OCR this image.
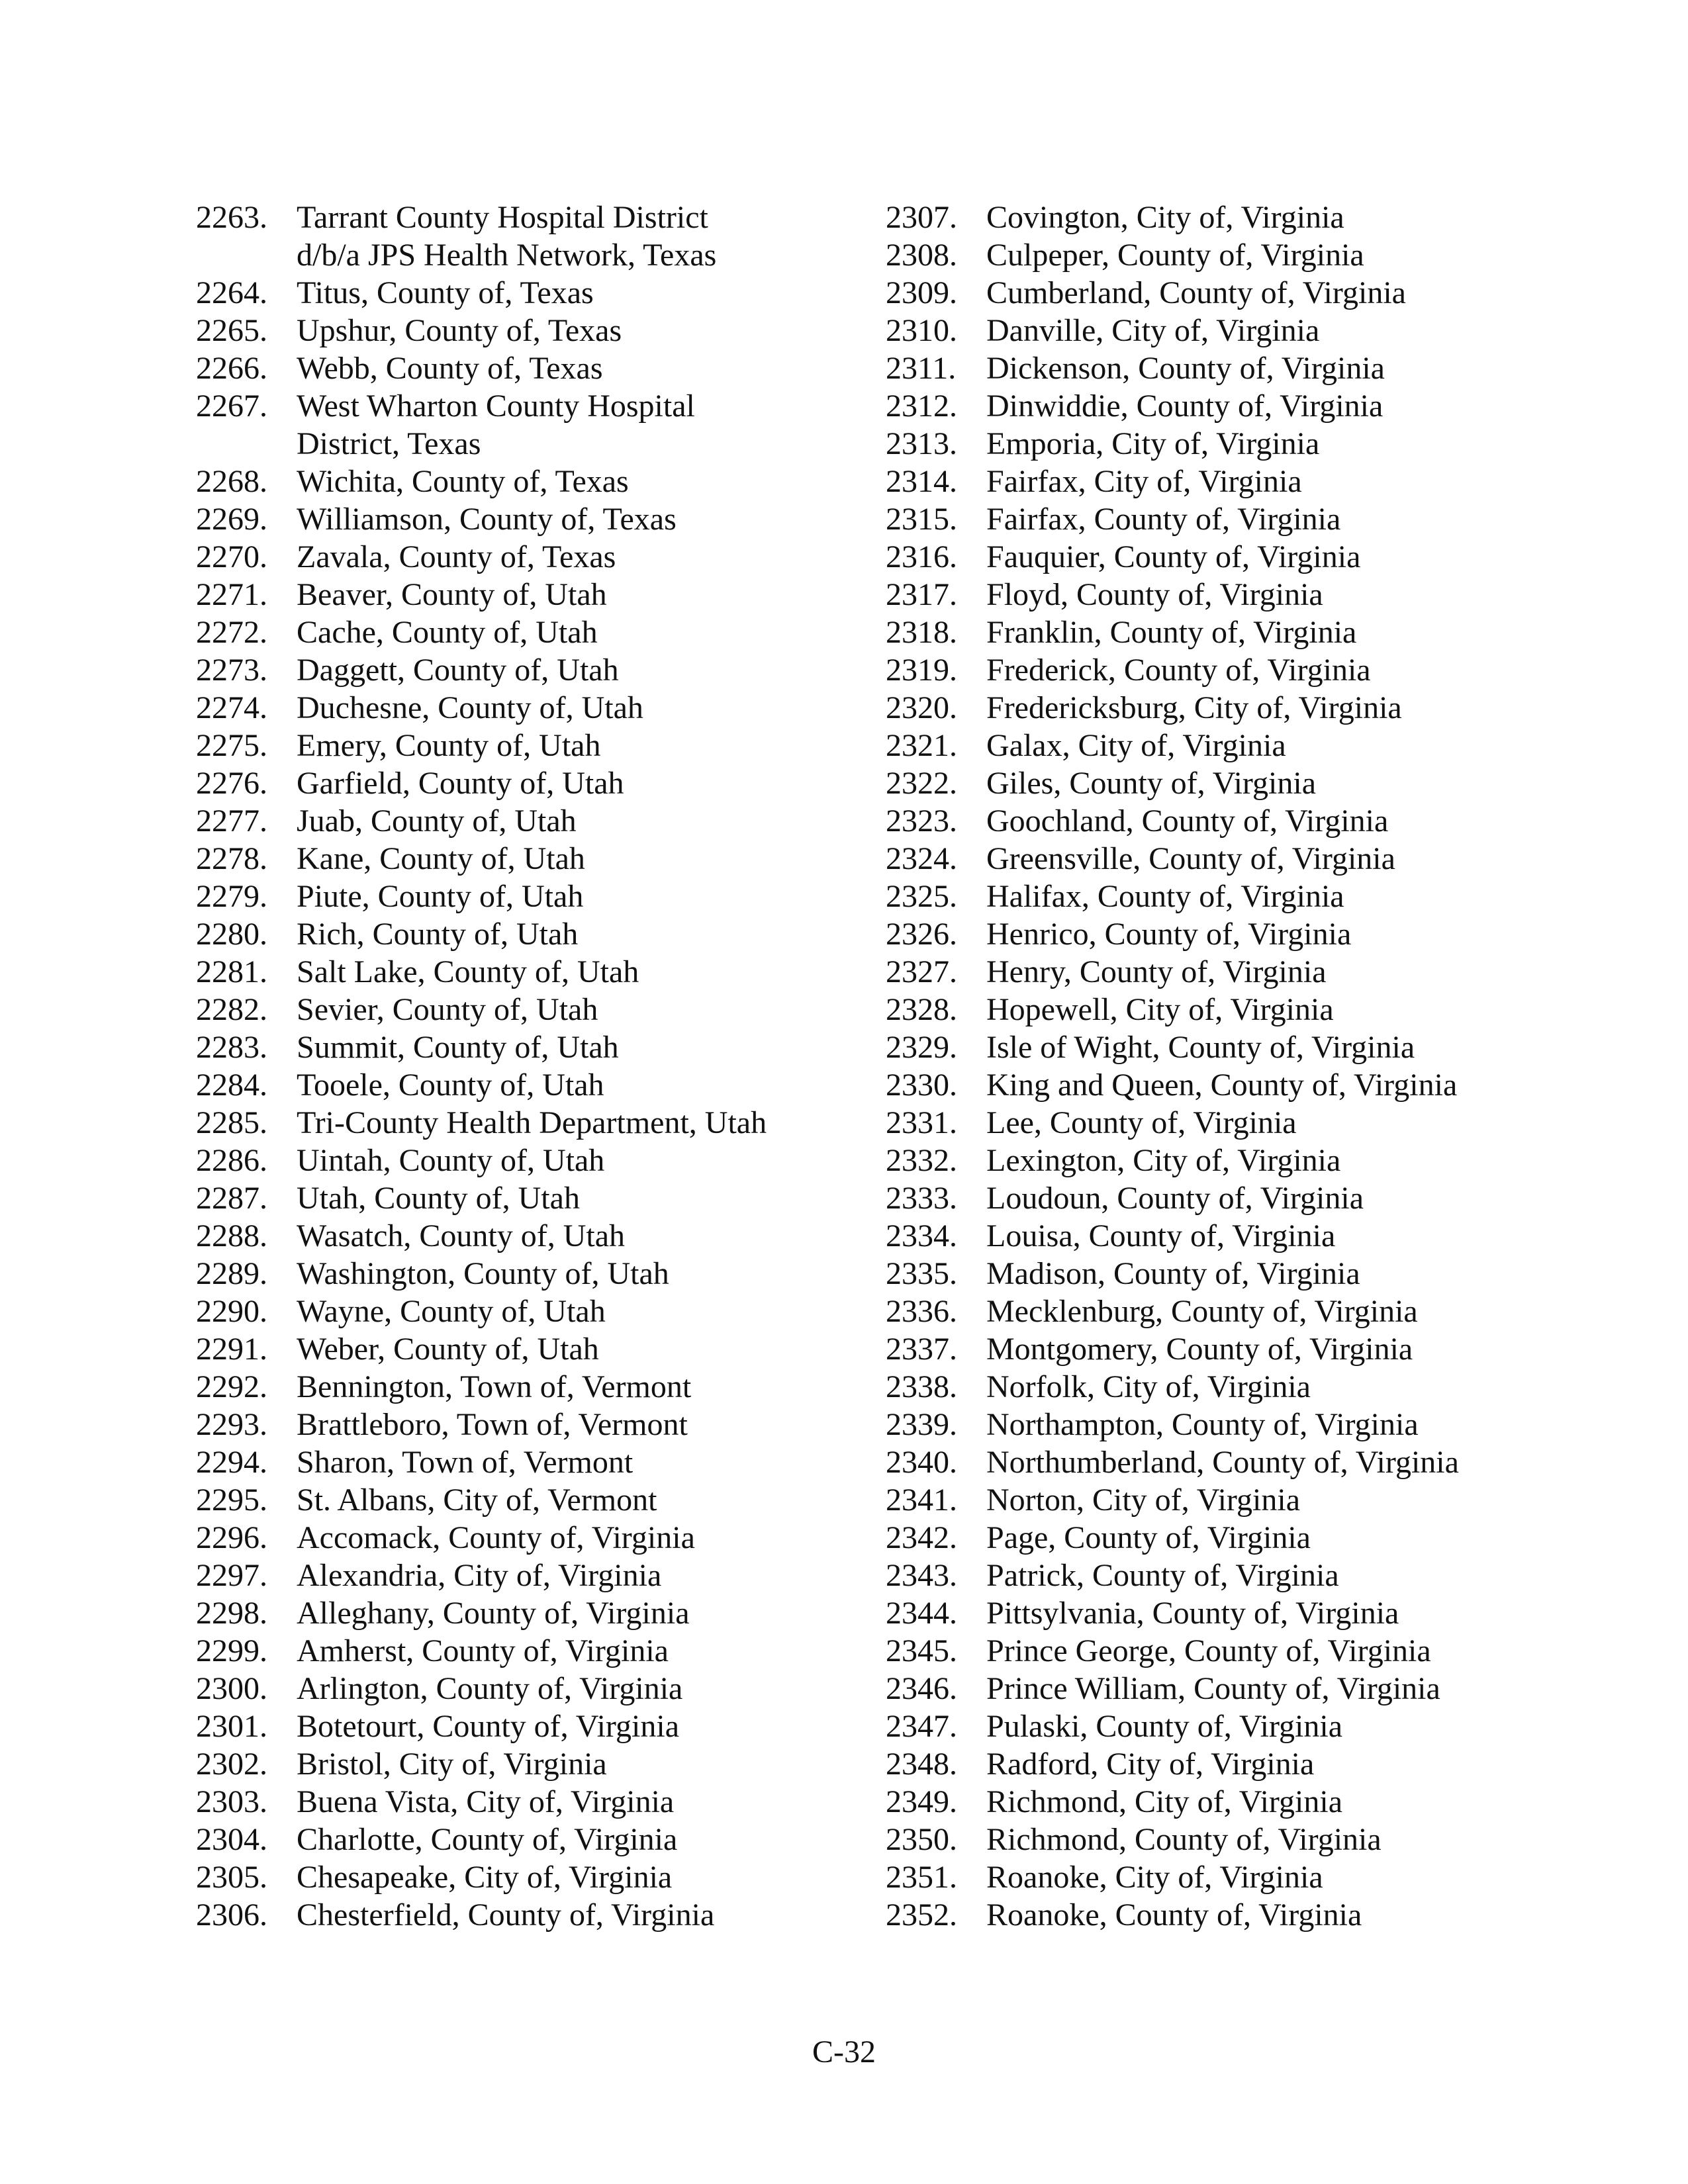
2263. Tarrant County Hospital District
d/b/a JPS Health Network, Texas
2264. Titus, County of, Texas
2265. Upshur, County of, Texas
2266. Webb, County of, Texas
2267. West Wharton County Hospital
District, Texas
2268. Wichita, County of, Texas
2269. Williamson, County of, Texas
2270. Zavala, County of, Texas
2271. Beaver, County of, Utah
2272. Cache, County of, Utah
2273. Daggett, County of, Utah
2274. Duchesne, County of, Utah
2275. Emery, County of, Utah
2276. Garfield, County of, Utah
2277. Juab, County of, Utah
2278. Kane, County of, Utah
2279. Piute, County of, Utah
2280. Rich, County of, Utah
2281. Salt Lake, County of, Utah
2282. Sevier, County of, Utah
2283. Summit, County of, Utah
2284. Tooele, County of, Utah
2285. Tri-County Health Department, Utah
2286. Uintah, County of, Utah
2287. Utah, County of, Utah
2288. Wasatch, County of, Utah
2289. Washington, County of, Utah
2290. Wayne, County of, Utah
2291. Weber, County of, Utah
2292. Bennington, Town of, Vermont
2293. Brattleboro, Town of, Vermont
2294. Sharon, Town of, Vermont
2295. St. Albans, City of, Vermont
2296. Accomack, County of, Virginia
2297. Alexandria, City of, Virginia
2298. Alleghany, County of, Virginia
2299. Amherst, County of, Virginia
2300. Arlington, County of, Virginia
2301. Botetourt, County of, Virginia
2302. Bristol, City of, Virginia
2303. Buena Vista, City of, Virginia
2304. Charlotte, County of, Virginia
2305. Chesapeake, City of, Virginia
2306. Chesterfield, County of, Virginia
2307. Covington, City of, Virginia
2308. Culpeper, County of, Virginia
2309. Cumberland, County of, Virginia
2310. Danville, City of, Virginia
2311. Dickenson, County of, Virginia
2312. Dinwiddie, County of, Virginia
2313. Emporia, City of, Virginia
2314. Fairfax, City of, Virginia
2315. Fairfax, County of, Virginia
2316. Fauquier, County of, Virginia
2317. Floyd, County of, Virginia
2318. Franklin, County of, Virginia
2319. Frederick, County of, Virginia
2320. Fredericksburg, City of, Virginia
2321. Galax, City of, Virginia
2322. Giles, County of, Virginia
2323. Goochland, County of, Virginia
2324. Greensville, County of, Virginia
2325. Halifax, County of, Virginia
2326. Henrico, County of, Virginia
2327. Henry, County of, Virginia
2328. Hopewell, City of, Virginia
2329. Isle of Wight, County of, Virginia
2330. King and Queen, County of, Virginia
2331. Lee, County of, Virginia
2332. Lexington, City of, Virginia
2333. Loudoun, County of, Virginia
2334. Louisa, County of, Virginia
2335. Madison, County of, Virginia
2336. Mecklenburg, County of, Virginia
2337. Montgomery, County of, Virginia
2338. Norfolk, City of, Virginia
2339. Northampton, County of, Virginia
2340. Northumberland, County of, Virginia
2341. Norton, City of, Virginia
2342. Page, County of, Virginia
2343. Patrick, County of, Virginia
2344. Pittsylvania, County of, Virginia
2345. Prince George, County of, Virginia
2346. Prince William, County of, Virginia
2347. Pulaski, County of, Virginia
2348. Radford, City of, Virginia
2349. Richmond, City of, Virginia
2350. Richmond, County of, Virginia
2351. Roanoke, City of, Virginia
2352. Roanoke, County of, Virginia
C-32
